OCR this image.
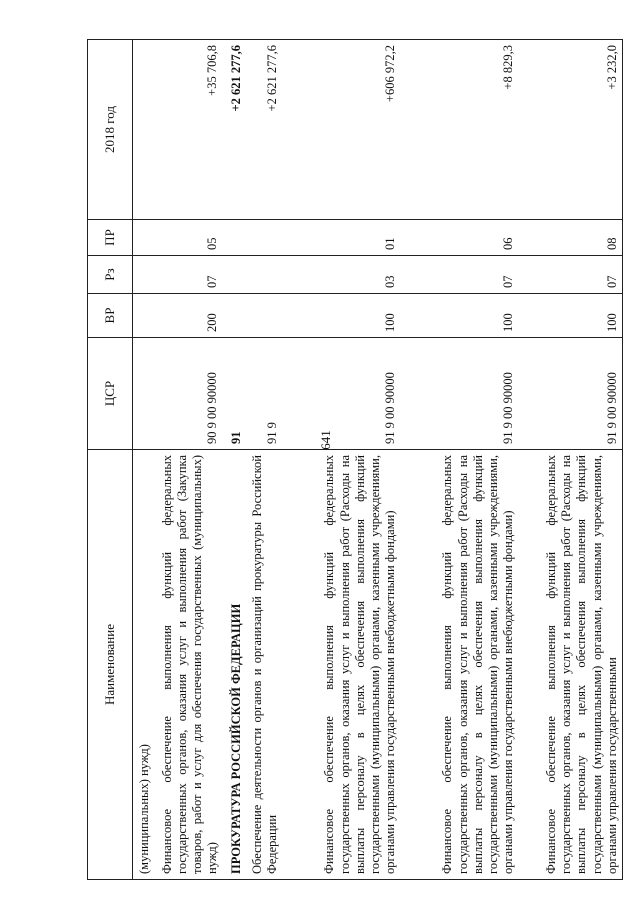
641
Наименование	ЦСР	ВР	Рз	ПР	2018 год
(муниципальных) нужд)					
Финансовое обеспечение выполнения функций федеральных государственных органов, оказания услуг и выполнения работ (Закупка товаров, работ и услуг для обеспечения государственных (муниципальных) нужд)	90 9 00 90000	200	07	05	+35 706,8
ПРОКУРАТУРА РОССИЙСКОЙ ФЕДЕРАЦИИ	91				+2 621 277,6
Обеспечение деятельности органов и организаций прокуратуры Российской Федерации	91 9				+2 621 277,6
Финансовое обеспечение выполнения функций федеральных государственных органов, оказания услуг и выполнения работ (Расходы на выплаты персоналу в целях обеспечения выполнения функций государственными (муниципальными) органами, казенными учреждениями, органами управления государственными внебюджетными фондами)	91 9 00 90000	100	03	01	+606 972,2
Финансовое обеспечение выполнения функций федеральных государственных органов, оказания услуг и выполнения работ (Расходы на выплаты персоналу в целях обеспечения выполнения функций государственными (муниципальными) органами, казенными учреждениями, органами управления государственными внебюджетными фондами)	91 9 00 90000	100	07	06	+8 829,3
Финансовое обеспечение выполнения функций федеральных государственных органов, оказания услуг и выполнения работ (Расходы на выплаты персоналу в целях обеспечения выполнения функций государственными (муниципальными) органами, казенными учреждениями, органами управления государственными	91 9 00 90000	100	07	08	+3 232,0
